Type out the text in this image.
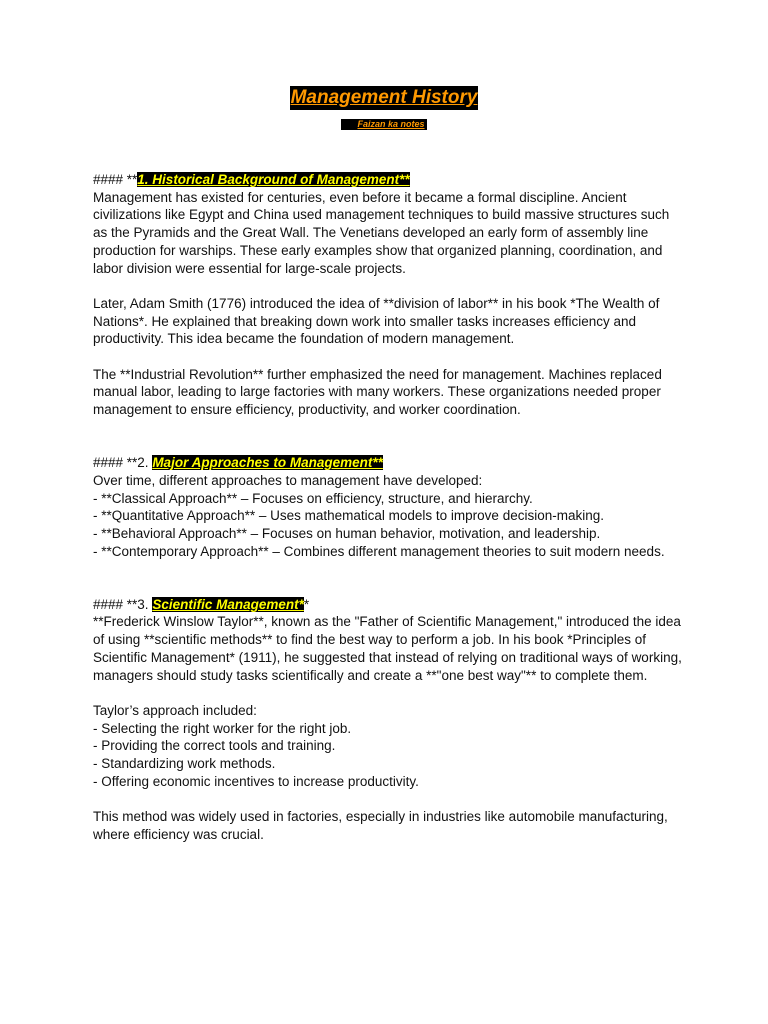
Management History
Faizan ka notes

#### **1. Historical Background of Management**

Management has existed for centuries, even before it became a formal discipline. Ancient civilizations like Egypt and China used management techniques to build massive structures such as the Pyramids and the Great Wall. The Venetians developed an early form of assembly line production for warships. These early examples show that organized planning, coordination, and labor division were essential for large-scale projects.

Later, Adam Smith (1776) introduced the idea of **division of labor** in his book *The Wealth of Nations*. He explained that breaking down work into smaller tasks increases efficiency and productivity. This idea became the foundation of modern management.

The **Industrial Revolution** further emphasized the need for management. Machines replaced manual labor, leading to large factories with many workers. These organizations needed proper management to ensure efficiency, productivity, and worker coordination.

#### **2. Major Approaches to Management**

Over time, different approaches to management have developed:

- **Classical Approach** – Focuses on efficiency, structure, and hierarchy.

- **Quantitative Approach** – Uses mathematical models to improve decision-making.

- **Behavioral Approach** – Focuses on human behavior, motivation, and leadership.

- **Contemporary Approach** – Combines different management theories to suit modern needs.

#### **3. Scientific Management**

**Frederick Winslow Taylor**, known as the "Father of Scientific Management," introduced the idea of using **scientific methods** to find the best way to perform a job. In his book *Principles of Scientific Management* (1911), he suggested that instead of relying on traditional ways of working, managers should study tasks scientifically and create a **"one best way"** to complete them.

Taylor’s approach included:

- Selecting the right worker for the right job.

- Providing the correct tools and training.

- Standardizing work methods.

- Offering economic incentives to increase productivity.

This method was widely used in factories, especially in industries like automobile manufacturing, where efficiency was crucial.
